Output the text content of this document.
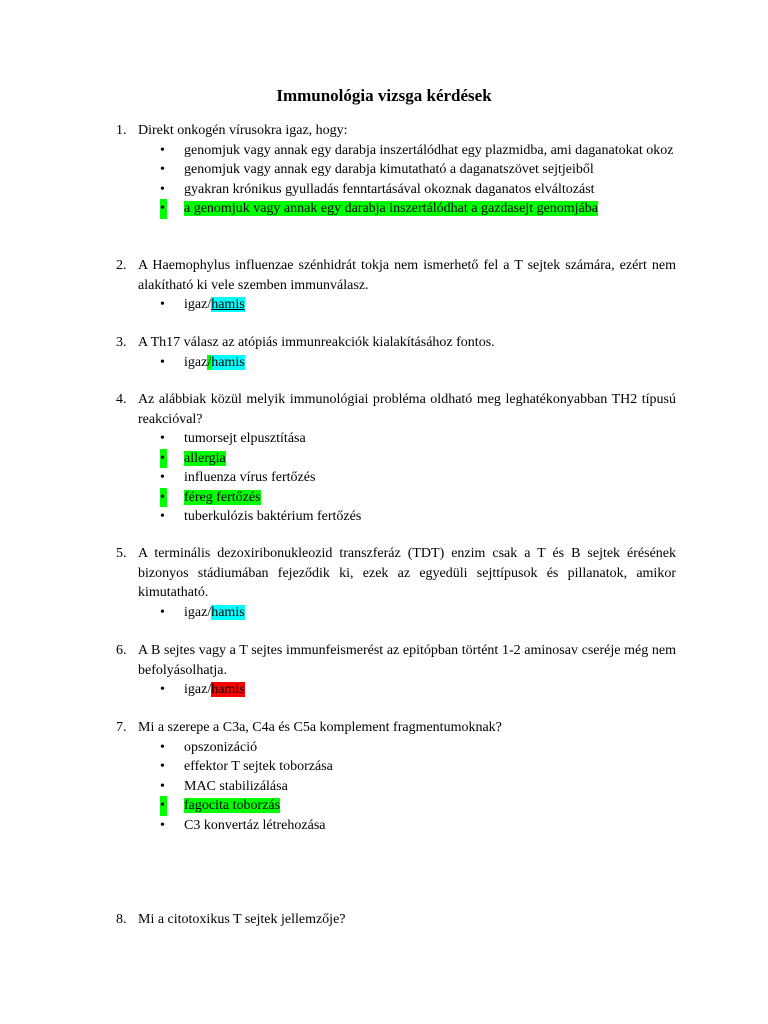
Immunológia vizsga kérdések
1. Direkt onkogén vírusokra igaz, hogy:
• genomjuk vagy annak egy darabja inszertálódhat egy plazmidba, ami daganatokat okoz
• genomjuk vagy annak egy darabja kimutatható a daganatszövet sejtjeiből
• gyakran krónikus gyulladás fenntartásával okoznak daganatos elváltozást
• a genomjuk vagy annak egy darabja inszertálódhat a gazdasejt genomjába
2. A Haemophylus influenzae szénhidrát tokja nem ismerhető fel a T sejtek számára, ezért nem alakítható ki vele szemben immunválasz.
• igaz/hamis
3. A Th17 válasz az atópiás immunreakciók kialakításához fontos.
• igaz/hamis
4. Az alábbiak közül melyik immunológiai probléma oldható meg leghatékonyabban TH2 típusú reakcióval?
• tumorsejt elpusztítása
• allergia
• influenza vírus fertőzés
• féreg fertőzés
• tuberkulózis baktérium fertőzés
5. A terminális dezoxiribonukleozid transzferáz (TDT) enzim csak a T és B sejtek érésének bizonyos stádiumában fejeződik ki, ezek az egyedüli sejttípusok és pillanatok, amikor kimutatható.
• igaz/hamis
6. A B sejtes vagy a T sejtes immunfeismerést az epitópban történt 1-2 aminosav cseréje még nem befolyásolhatja.
• igaz/hamis
7. Mi a szerepe a C3a, C4a és C5a komplement fragmentumoknak?
• opszonizáció
• effektor T sejtek toborzása
• MAC stabilizálása
• fagocita toborzás
• C3 konvertáz létrehozása
8. Mi a citotoxikus T sejtek jellemzője?
